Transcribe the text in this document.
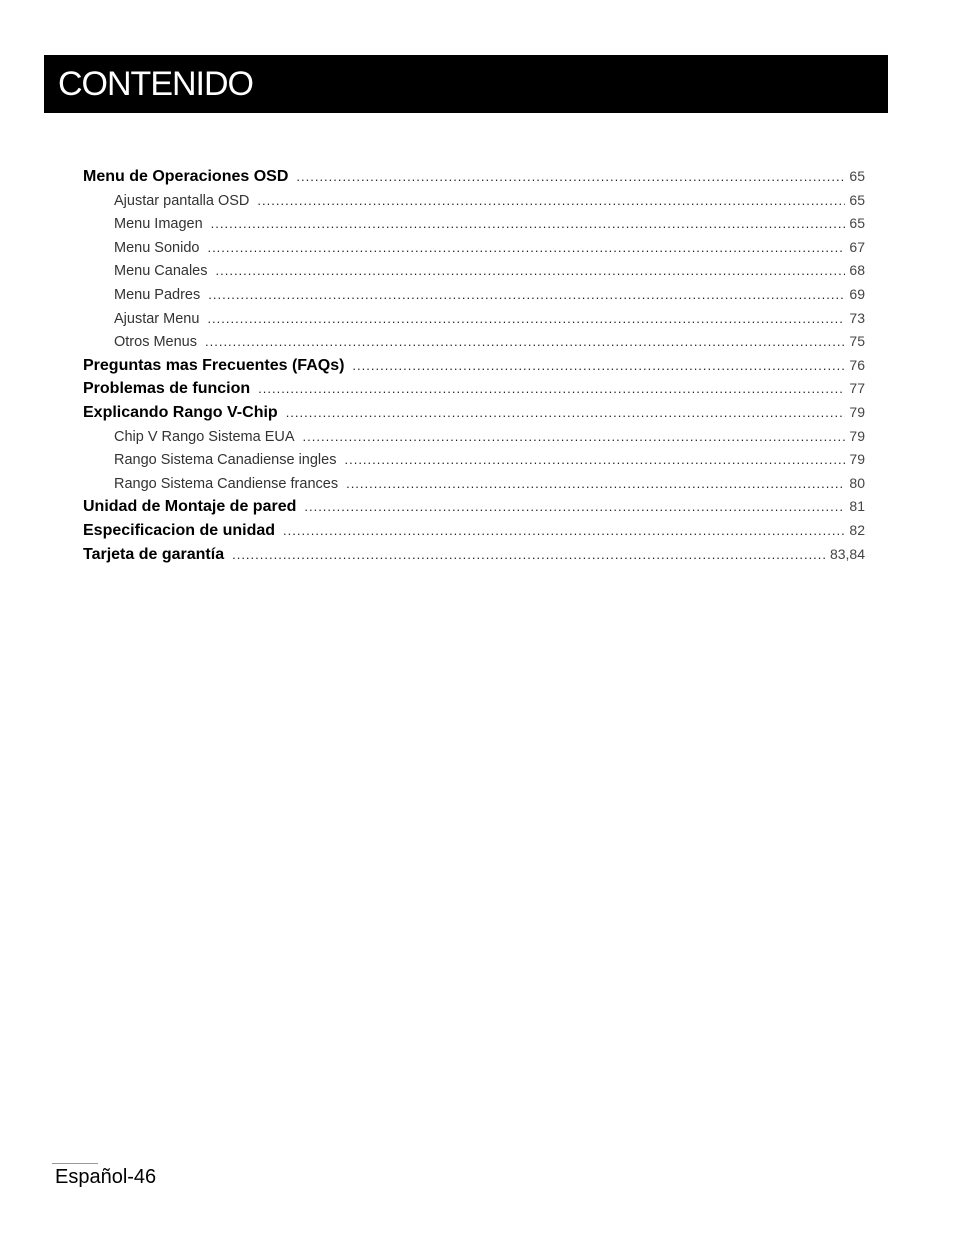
CONTENIDO
Menu de Operaciones OSD .....	65
Ajustar pantalla OSD .....	65
Menu Imagen .....	65
Menu Sonido .....	67
Menu Canales .....	68
Menu Padres .....	69
Ajustar Menu .....	73
Otros Menus .....	75
Preguntas mas Frecuentes (FAQs) .....	76
Problemas de funcion .....	77
Explicando Rango V-Chip .....	79
Chip V Rango Sistema EUA .....	79
Rango Sistema Canadiense ingles .....	79
Rango Sistema Candiense frances .....	80
Unidad de Montaje de pared .....	81
Especificacion de unidad .....	82
Tarjeta de garantía .....	83,84
Español-46
